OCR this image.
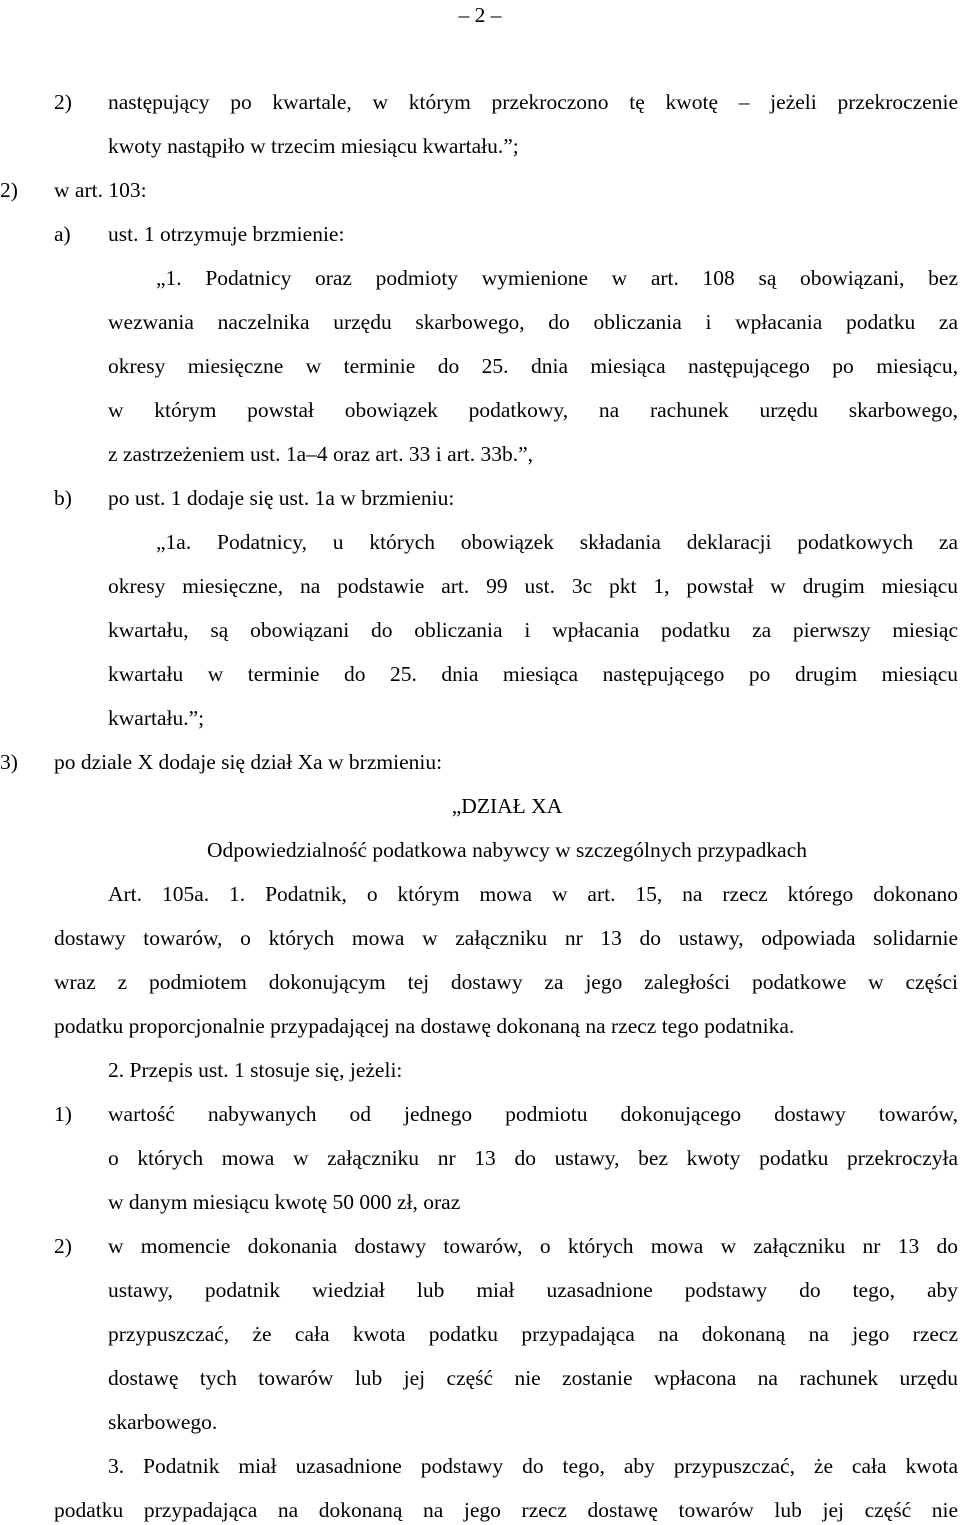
– 2 –
2) następujący po kwartale, w którym przekroczono tę kwotę – jeżeli przekroczenie
kwoty nastąpiło w trzecim miesiącu kwartału.”;
2) w art. 103:
a) ust. 1 otrzymuje brzmienie:
„1. Podatnicy oraz podmioty wymienione w art. 108 są obowiązani, bez
wezwania naczelnika urzędu skarbowego, do obliczania i wpłacania podatku za
okresy miesięczne w terminie do 25. dnia miesiąca następującego po miesiącu,
w którym powstał obowiązek podatkowy, na rachunek urzędu skarbowego,
z zastrzeżeniem ust. 1a–4 oraz art. 33 i art. 33b.”,
b) po ust. 1 dodaje się ust. 1a w brzmieniu:
„1a. Podatnicy, u których obowiązek składania deklaracji podatkowych za
okresy miesięczne, na podstawie art. 99 ust. 3c pkt 1, powstał w drugim miesiącu
kwartału, są obowiązani do obliczania i wpłacania podatku za pierwszy miesiąc
kwartału w terminie do 25. dnia miesiąca następującego po drugim miesiącu
kwartału.”;
3) po dziale X dodaje się dział Xa w brzmieniu:
„DZIAŁ XA
Odpowiedzialność podatkowa nabywcy w szczególnych przypadkach
Art. 105a. 1. Podatnik, o którym mowa w art. 15, na rzecz którego dokonano
dostawy towarów, o których mowa w załączniku nr 13 do ustawy, odpowiada solidarnie
wraz z podmiotem dokonującym tej dostawy za jego zaległości podatkowe w części
podatku proporcjonalnie przypadającej na dostawę dokonaną na rzecz tego podatnika.
2. Przepis ust. 1 stosuje się, jeżeli:
1) wartość nabywanych od jednego podmiotu dokonującego dostawy towarów,
o których mowa w załączniku nr 13 do ustawy, bez kwoty podatku przekroczyła
w danym miesiącu kwotę 50 000 zł, oraz
2) w momencie dokonania dostawy towarów, o których mowa w załączniku nr 13 do
ustawy, podatnik wiedział lub miał uzasadnione podstawy do tego, aby
przypuszczać, że cała kwota podatku przypadająca na dokonaną na jego rzecz
dostawę tych towarów lub jej część nie zostanie wpłacona na rachunek urzędu
skarbowego.
3. Podatnik miał uzasadnione podstawy do tego, aby przypuszczać, że cała kwota
podatku przypadająca na dokonaną na jego rzecz dostawę towarów lub jej część nie
